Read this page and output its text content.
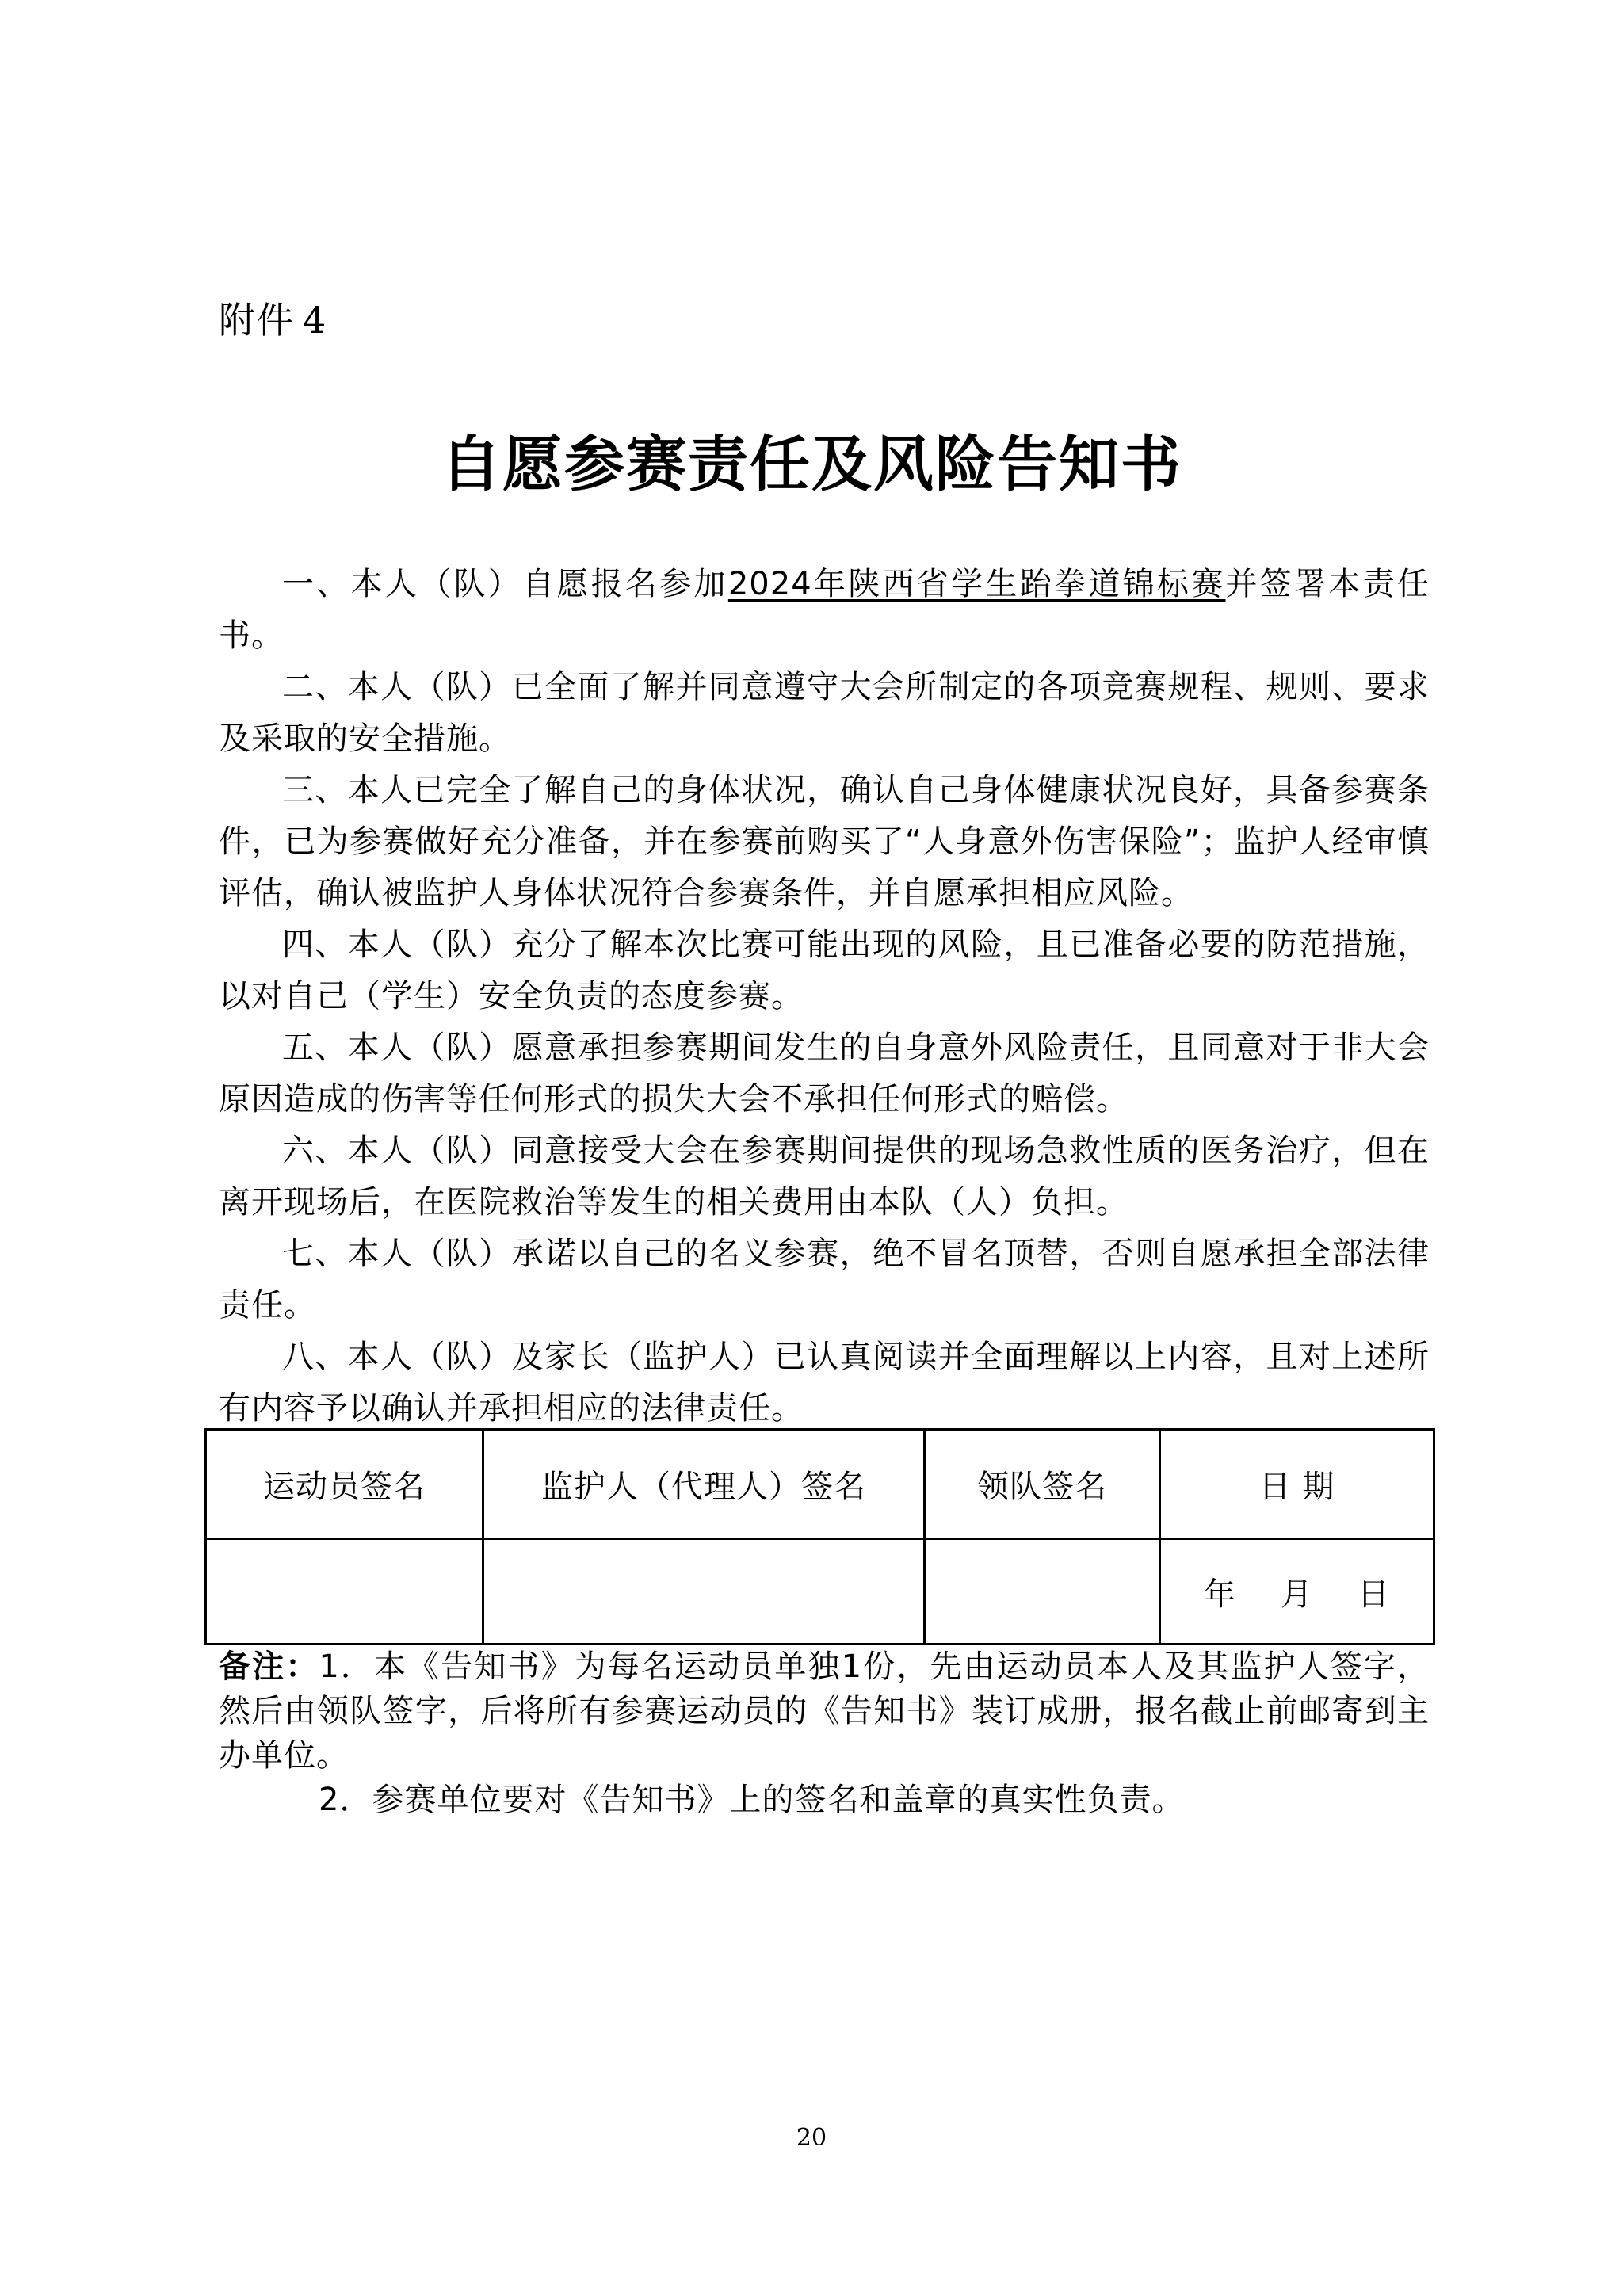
附件 4
自愿参赛责任及风险告知书

一、本人（队）自愿报名参加2024年陕西省学生跆拳道锦标赛并签署本责任书。

二、本人（队）已全面了解并同意遵守大会所制定的各项竞赛规程、规则、要求及采取的安全措施。

三、本人已完全了解自己的身体状况，确认自己身体健康状况良好，具备参赛条件，已为参赛做好充分准备，并在参赛前购买了“人身意外伤害保险”；监护人经审慎评估，确认被监护人身体状况符合参赛条件，并自愿承担相应风险。

四、本人（队）充分了解本次比赛可能出现的风险，且已准备必要的防范措施，以对自己（学生）安全负责的态度参赛。

五、本人（队）愿意承担参赛期间发生的自身意外风险责任，且同意对于非大会原因造成的伤害等任何形式的损失大会不承担任何形式的赔偿。

六、本人（队）同意接受大会在参赛期间提供的现场急救性质的医务治疗，但在离开现场后，在医院救治等发生的相关费用由本队（人）负担。

七、本人（队）承诺以自己的名义参赛，绝不冒名顶替，否则自愿承担全部法律责任。

八、本人（队）及家长（监护人）已认真阅读并全面理解以上内容，且对上述所有内容予以确认并承担相应的法律责任。

运动员签名	监护人（代理人）签名	领队签名	日 期
			年 月 日

备注：1．本《告知书》为每名运动员单独1份，先由运动员本人及其监护人签字，然后由领队签字，后将所有参赛运动员的《告知书》装订成册，报名截止前邮寄到主办单位。

2．参赛单位要对《告知书》上的签名和盖章的真实性负责。

20
